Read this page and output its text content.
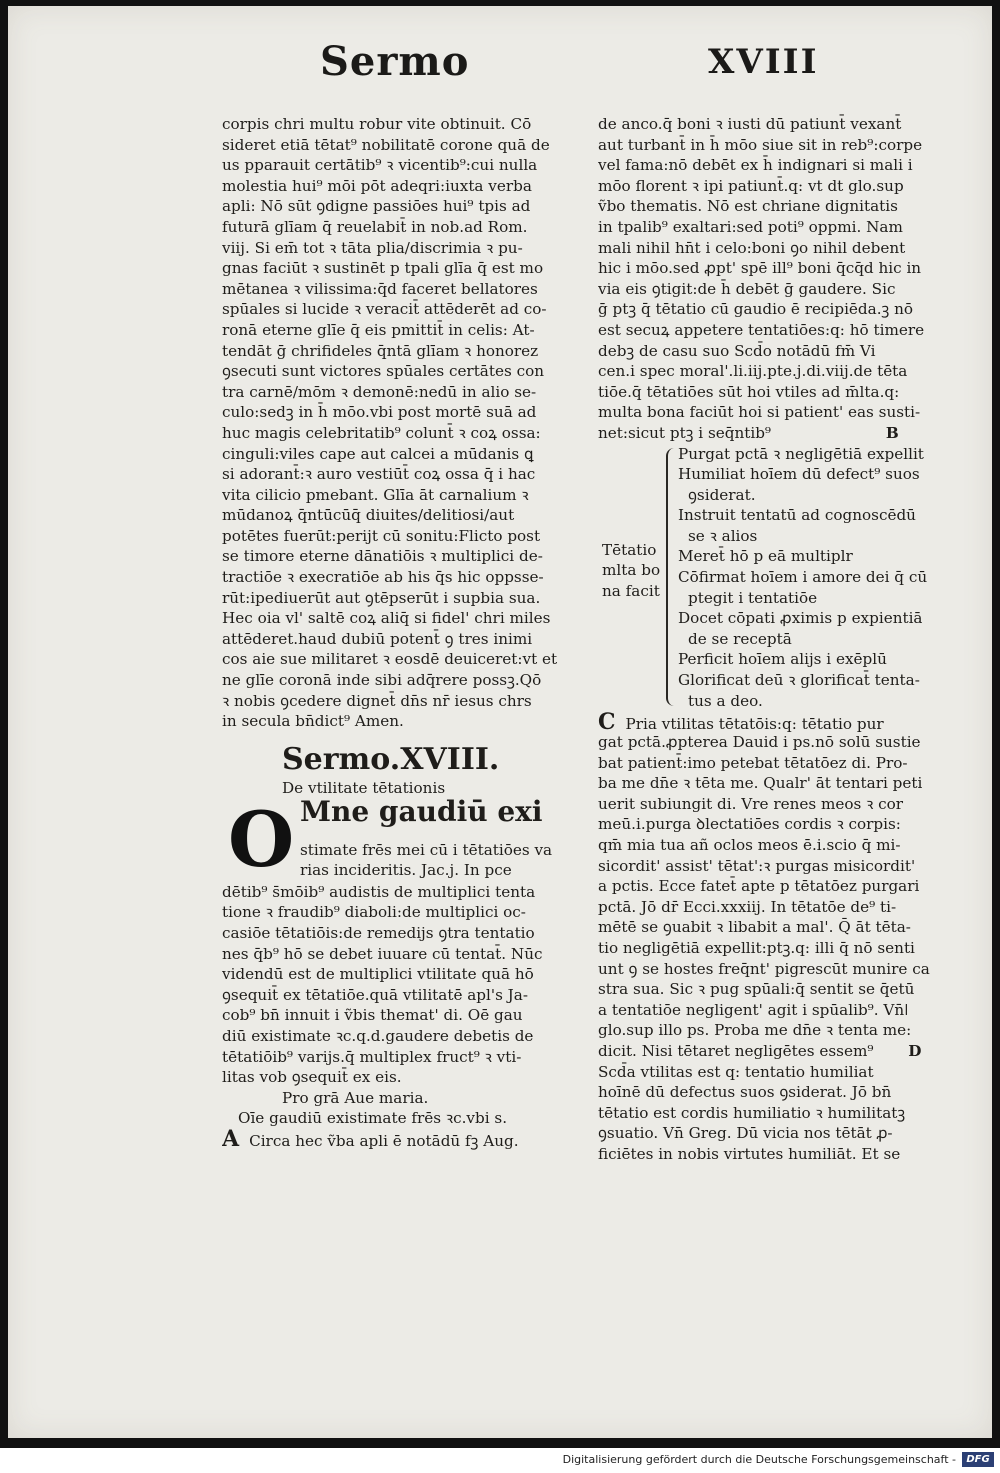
Sermo	XVIII
corpis chri multu robur vite obtinuit. Cō
sideret etiā tētat⁹ nobilitatē corone quā de
us pparauit certātib⁹ ꝛ vicentib⁹:cui nulla
molestia hui⁹ mōi pōt adeqri:iuxta verba
apli: Nō sūt ꝯdigne passiōes hui⁹ tpis ad
futurā glīam q̄ reuelabit̄ in nob.ad Rom.
viij. Si em̄ tot ꝛ tāta plia/discrimia ꝛ pu-
gnas faciūt ꝛ sustinēt p tpali glīa q̄ est mo
mētanea ꝛ vilissima:q̄d faceret bellatores
spūales si lucide ꝛ veracit̄ attēderēt ad co-
ronā eterne glīe q̄ eis pmittit̄ in celis: At-
tendāt ḡ chrifideles q̄ntā glīam ꝛ honorez
ꝯsecuti sunt victores spūales certātes con
tra carnē/mōm ꝛ demonē:nedū in alio se-
culo:sedꝫ in h̄ mōo.vbi post mortē suā ad
huc magis celebritatib⁹ colunt̄ ꝛ coꝝ ossa:
cinguli:viles cape aut calcei a mūdanis ꝗ
si adorant̄:ꝛ auro vestiūt̄ coꝝ ossa q̄ i hac
vita cilicio pmebant. Glīa āt carnalium ꝛ
mūdanoꝝ q̄ntūcūq̄ diuites/delitiosi/aut
potētes fuerūt:perijt cū sonitu:Flicto post
se timore eterne dānatiōis ꝛ multiplici de-
tractiōe ꝛ execratiōe ab his q̄s hic oppsse-
rūt:ipediuerūt aut ꝯtēpserūt i supbia sua.
Hec oia vl' saltē coꝝ aliq̄ si fidel' chri miles
attēderet.haud dubiū potent̄ ꝯ tres inimi
cos aie sue militaret ꝛ eosdē deuiceret:vt et
ne glīe coronā inde sibi adq̄rere possꝫ.Qō
ꝛ nobis ꝯcedere dignet̄ dn̄s nr̄ iesus chrs
in secula bn̄dict⁹ Amen.
Sermo.XVIII.
De vtilitate tētationis
O Mne gaudiū exi
stimate frēs mei cū i tētatiōes va
rias incideritis. Jac.j. In pce
dētib⁹ s̄mōib⁹ audistis de multiplici tenta
tione ꝛ fraudib⁹ diaboli:de multiplici oc-
casiōe tētatiōis:de remedijs ꝯtra tentatio
nes q̄b⁹ hō se debet iuuare cū tentat̄. Nūc
videndū est de multiplici vtilitate quā hō
ꝯsequit̄ ex tētatiōe.quā vtilitatē apl's Ja-
cob⁹ bn̄ innuit i ṽbis themat' di. Oē gau
diū existimate ꝛc.q.d.gaudere debetis de
tētatiōib⁹ varijs.q̄ multiplex fruct⁹ ꝛ vti-
litas vob ꝯsequit̄ ex eis.
Pro grā Aue maria.
Oīe gaudiū existimate frēs ꝛc.vbi s.
A Circa hec ṽba apli ē notādū fꝫ Aug.
de anco.q̄ boni ꝛ iusti dū patiunt̄ vexant̄
aut turbant̄ in h̄ mōo siue sit in reb⁹:corpe
vel fama:nō debēt ex h̄ indignari si mali i
mōo florent ꝛ ipi patiunt̄.q: vt dt glo.sup
ṽbo thematis. Nō est chriane dignitatis
in tpalib⁹ exaltari:sed poti⁹ oppmi. Nam
mali nihil hn̄t i celo:boni ꝯo nihil debent
hic i mōo.sed ꝓpt' spē ill⁹ boni q̄cq̄d hic in
via eis ꝯtigit:de h̄ debēt ḡ gaudere. Sic
ḡ ptꝫ q̄ tētatio cū gaudio ē recipiēda.ꝫ nō
est secuꝝ appetere tentatiōes:q: hō timere
debꝫ de casu suo Scd̄o notādū fm̄ Vi
cen.i spec moral'.li.iij.pte.j.di.viij.de tēta
tiōe.q̄ tētatiōes sūt hoi vtiles ad m̄lta.q:
multa bona faciūt hoi si patient' eas susti-
net:sicut ptꝫ i seq̄ntib⁹	B
Tētatio
mlta bo
na facit
Purgat pctā ꝛ negligētiā expellit
Humiliat hoīem dū defect⁹ suos
ꝯsiderat.
Instruit tentatū ad cognoscēdū
se ꝛ alios
Meret̄ hō p eā multiplr
Cōfirmat hoīem i amore dei q̄ cū
ptegit i tentatiōe
Docet cōpati ꝓximis p expientiā
de se receptā
Perficit hoīem alijs i exēplū
Glorificat deū ꝛ glorificat̄ tenta-
tus a deo.
C Pria vtilitas tētatōis:q: tētatio pur
gat pctā.ꝓpterea Dauid i ps.nō solū sustie
bat patient̄:imo petebat tētatōez di. Pro-
ba me dn̄e ꝛ tēta me. Qualr' āt tentari peti
uerit subiungit di. Vre renes meos ꝛ cor
meū.i.purga ꝺlectatiōes cordis ꝛ corpis:
qm̄ mia tua añ oclos meos ē.i.scio q̄ mi-
sicordit' assist' tētat':ꝛ purgas misicordit'
a pctis. Ecce fatet̄ apte p tētatōez purgari
pctā. Jō dr̄ Ecci.xxxiij. In tētatōe de⁹ ti-
mētē se ꝯuabit ꝛ libabit a mal'. Q̄ āt tēta-
tio negligētiā expellit:ptꝫ.q: illi q̄ nō senti
unt ꝯ se hostes freq̄nt' pigrescūt munire ca
stra sua. Sic ꝛ pug spūali:q̄ sentit se q̄etū
a tentatiōe negligent' agit i spūalib⁹. Vn̄ǀ
glo.sup illo ps. Proba me dn̄e ꝛ tenta me:
dicit. Nisi tētaret negligētes essem⁹ D
Scd̄a vtilitas est q: tentatio humiliat
hoīnē dū defectus suos ꝯsiderat. Jō bn̄
tētatio est cordis humiliatio ꝛ humilitatꝫ
ꝯsuatio. Vn̄ Greg. Dū vicia nos tētāt ꝓ-
ficiētes in nobis virtutes humiliāt. Et se
Digitalisierung gefördert durch die Deutsche Forschungsgemeinschaft -	DFG
